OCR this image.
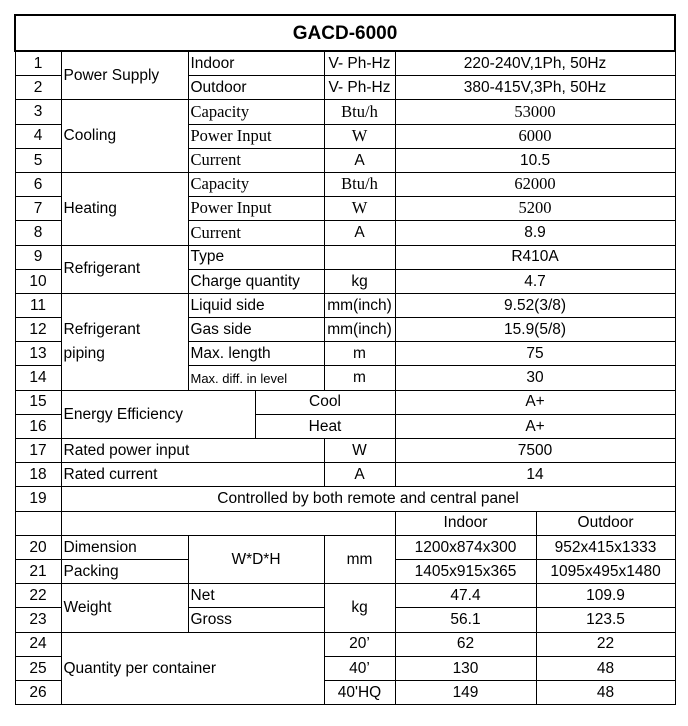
GACD-6000						
1	Power Supply	Indoor		V- Ph-Hz	220-240V,1Ph, 50Hz	
2		Outdoor		V- Ph-Hz	380-415V,3Ph, 50Hz	
3	Cooling	Capacity		Btu/h	53000	
4		Power Input		W	6000	
5		Current		A	10.5	
6	Heating	Capacity		Btu/h	62000	
7		Power Input		W	5200	
8		Current		A	8.9	
9	Refrigerant	Type			R410A	
10		Charge quantity		kg	4.7	
11		Liquid side		mm(inch)	9.52(3/8)	
12	Refrigerant	Gas side		mm(inch)	15.9(5/8)	
13	piping	Max. length		m	75	
14		Max. diff. in level		m	30	
15	Energy Efficiency		Cool		A+	
16			Heat		A+	
17	Rated power input			W	7500	
18	Rated current			A	14	
19	Controlled by both remote and central panel					
					Indoor	Outdoor
20	Dimension	W*D*H		mm	1200x874x300	952x415x1333
21	Packing				1405x915x365	1095x495x1480
22	Weight	Net		kg	47.4	109.9
23		Gross			56.1	123.5
24	Quantity per container			20’	62	22
25				40’	130	48
26				40'HQ	149	48
